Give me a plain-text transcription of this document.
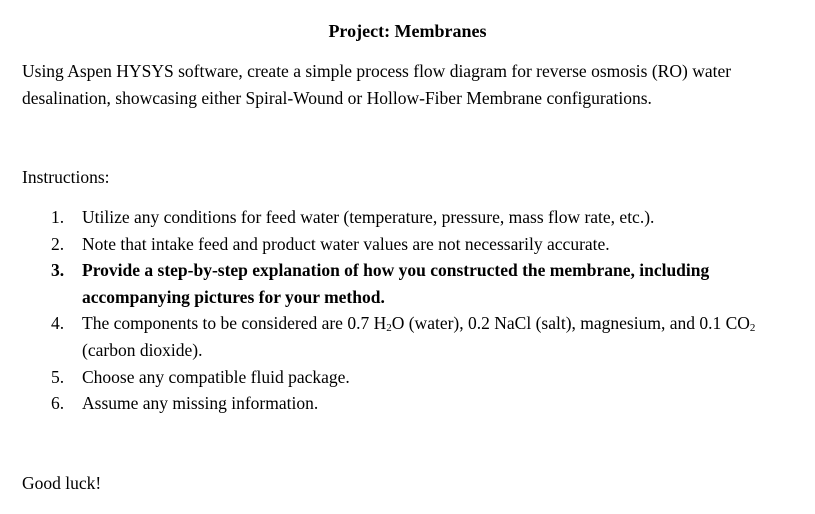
Project: Membranes
Using Aspen HYSYS software, create a simple process flow diagram for reverse osmosis (RO) water desalination, showcasing either Spiral-Wound or Hollow-Fiber Membrane configurations.
Instructions:
1. Utilize any conditions for feed water (temperature, pressure, mass flow rate, etc.).
2. Note that intake feed and product water values are not necessarily accurate.
3. Provide a step-by-step explanation of how you constructed the membrane, including accompanying pictures for your method.
4. The components to be considered are 0.7 $H_2O$ (water), 0.2 NaCl (salt), magnesium, and 0.1 $CO_2$ (carbon dioxide).
5. Choose any compatible fluid package.
6. Assume any missing information.
Good luck!
